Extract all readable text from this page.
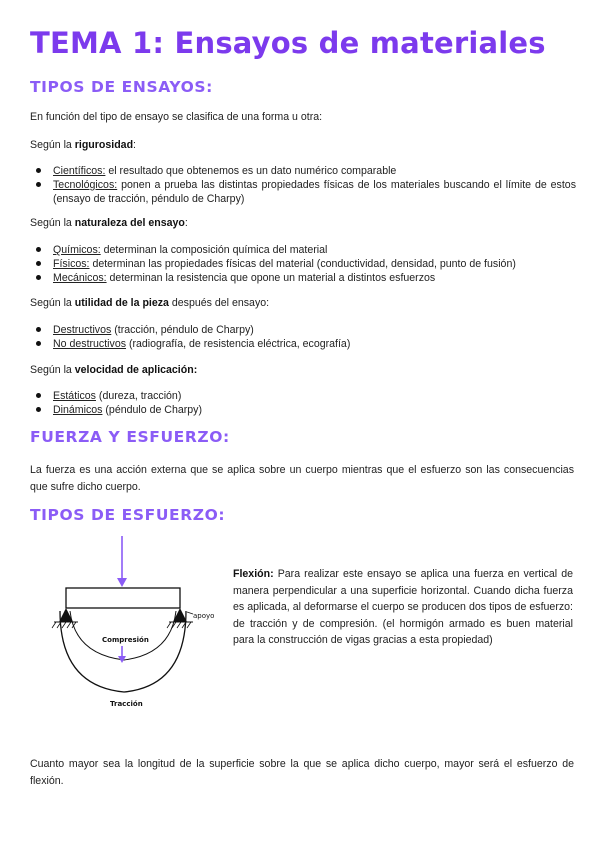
TEMA 1: Ensayos de materiales
TIPOS DE ENSAYOS:

En función del tipo de ensayo se clasifica de una forma u otra:

Según la rigurosidad:

Científicos: el resultado que obtenemos es un dato numérico comparable
Tecnológicos: ponen a prueba las distintas propiedades físicas de los materiales buscando el límite de estos (ensayo de tracción, péndulo de Charpy)

Según la naturaleza del ensayo:

Químicos: determinan la composición química del material
Físicos: determinan las propiedades físicas del material (conductividad, densidad, punto de fusión)
Mecánicos: determinan la resistencia que opone un material a distintos esfuerzos

Según la utilidad de la pieza después del ensayo:

Destructivos (tracción, péndulo de Charpy)
No destructivos (radiografía, de resistencia eléctrica, ecografía)

Según la velocidad de aplicación:

Estáticos (dureza, tracción)
Dinámicos (péndulo de Charpy)
FUERZA Y ESFUERZO:

La fuerza es una acción externa que se aplica sobre un cuerpo mientras que el esfuerzo son las consecuencias que sufre dicho cuerpo.

TIPOS DE ESFUERZO:
apoyo
Compresión
Tracción

Flexión: Para realizar este ensayo se aplica una fuerza en vertical de manera perpendicular a una superficie horizontal. Cuando dicha fuerza es aplicada, al deformarse el cuerpo se producen dos tipos de esfuerzo: de tracción y de compresión. (el hormigón armado es buen material para la construcción de vigas gracias a esta propiedad)

Cuanto mayor sea la longitud de la superficie sobre la que se aplica dicho cuerpo, mayor será el esfuerzo de flexión.
